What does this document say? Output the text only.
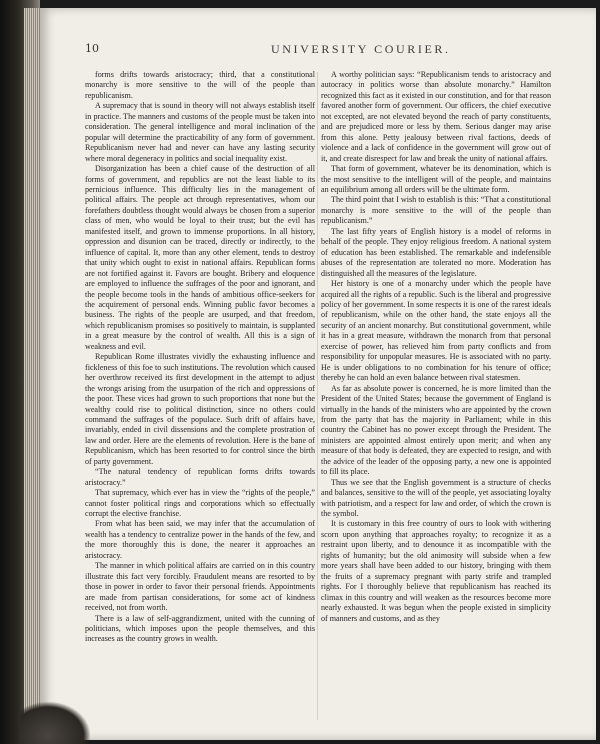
10	UNIVERSITY COURIER.

forms drifts towards aristocracy; third, that a constitutional monarchy is more sensitive to the will of the people than republicanism.

A supremacy that is sound in theory will not always establish itself in practice. The manners and customs of the people must be taken into consideration. The general intelligence and moral inclination of the popular will determine the practicability of any form of government. Republicanism never had and never can have any lasting security where moral degeneracy in politics and social inequality exist.

Disorganization has been a chief cause of the destruction of all forms of government, and republics are not the least liable to its pernicious influence. This difficulty lies in the management of political affairs. The people act through representatives, whom our forefathers doubtless thought would always be chosen from a superior class of men, who would be loyal to their trust; but the evil has manifested itself, and grown to immense proportions. In all history, oppression and disunion can be traced, directly or indirectly, to the influence of capital. It, more than any other element, tends to destroy that unity which ought to exist in national affairs. Republican forms are not fortified against it. Favors are bought. Bribery and eloquence are employed to influence the suffrages of the poor and ignorant, and the people become tools in the hands of ambitious office-seekers for the acquirement of personal ends. Winning public favor becomes a business. The rights of the people are usurped, and that freedom, which republicanism promises so positively to maintain, is supplanted in a great measure by the control of wealth. All this is a sign of weakness and evil.

Republican Rome illustrates vividly the exhausting influence and fickleness of this foe to such institutions. The revolution which caused her overthrow received its first development in the attempt to adjust the wrongs arising from the usurpation of the rich and oppressions of the poor. These vices had grown to such proportions that none but the wealthy could rise to political distinction, since no others could command the suffrages of the populace. Such drift of affairs have, invariably, ended in civil dissensions and the complete prostration of law and order. Here are the elements of revolution. Here is the bane of Republicanism, which has been resorted to for control since the birth of party government.

“The natural tendency of republican forms drifts towards aristocracy.”

That supremacy, which ever has in view the “rights of the people,” cannot foster political rings and corporations which so effectually corrupt the elective franchise.

From what has been said, we may infer that the accumulation of wealth has a tendency to centralize power in the hands of the few, and the more thoroughly this is done, the nearer it approaches an aristocracy.

The manner in which political affairs are carried on in this country illustrate this fact very forcibly. Fraudulent means are resorted to by those in power in order to favor their personal friends. Appointments are made from partisan considerations, for some act of kindness received, not from worth.

There is a law of self-aggrandizment, united with the cunning of politicians, which imposes upon the people themselves, and this increases as the country grows in wealth.

A worthy politician says: “Republicanism tends to aristocracy and autocracy in politics worse than absolute monarchy.” Hamilton recognized this fact as it existed in our constitution, and for that reason favored another form of government. Our officers, the chief executive not excepted, are not elevated beyond the reach of party constituents, and are prejudiced more or less by them. Serious danger may arise from this alone. Petty jealousy between rival factions, deeds of violence and a lack of confidence in the government will grow out of it, and create disrespect for law and break the unity of national affairs.

That form of government, whatever be its denomination, which is the most sensitive to the intelligent will of the people, and maintains an equilibrium among all orders will be the ultimate form.

The third point that I wish to establish is this: “That a constitutional monarchy is more sensitive to the will of the people than republicanism.”

The last fifty years of English history is a model of reforms in behalf of the people. They enjoy religious freedom. A national system of education has been established. The remarkable and indefensible abuses of the representation are tolerated no more. Moderation has distinguished all the measures of the legislature.

Her history is one of a monarchy under which the people have acquired all the rights of a republic. Such is the liberal and progressive policy of her government. In some respects it is one of the rarest ideals of republicanism, while on the other hand, the state enjoys all the security of an ancient monarchy. But constitutional government, while it has in a great measure, withdrawn the monarch from that personal exercise of power, has relieved him from party conflicts and from responsibility for unpopular measures. He is associated with no party. He is under obligations to no combination for his tenure of office; thereby he can hold an even balance between rival statesmen.

As far as absolute power is concerned, he is more limited than the President of the United States; because the government of England is virtually in the hands of the ministers who are appointed by the crown from the party that has the majority in Parliament; while in this country the Cabinet has no power except through the President. The ministers are appointed almost entirely upon merit; and when any measure of that body is defeated, they are expected to resign, and with the advice of the leader of the opposing party, a new one is appointed to fill its place.

Thus we see that the English government is a structure of checks and balances, sensitive to the will of the people, yet associating loyalty with patriotism, and a respect for law and order, of which the crown is the symbol.

It is customary in this free country of ours to look with withering scorn upon anything that approaches royalty; to recognize it as a restraint upon liberty, and to denounce it as incompatible with the rights of humanity; but the old animosity will subside when a few more years shall have been added to our history, bringing with them the fruits of a supremacy pregnant with party strife and trampled rights. For I thoroughly believe that republicanism has reached its climax in this country and will weaken as the resources become more nearly exhausted. It was begun when the people existed in simplicity of manners and customs, and as they
